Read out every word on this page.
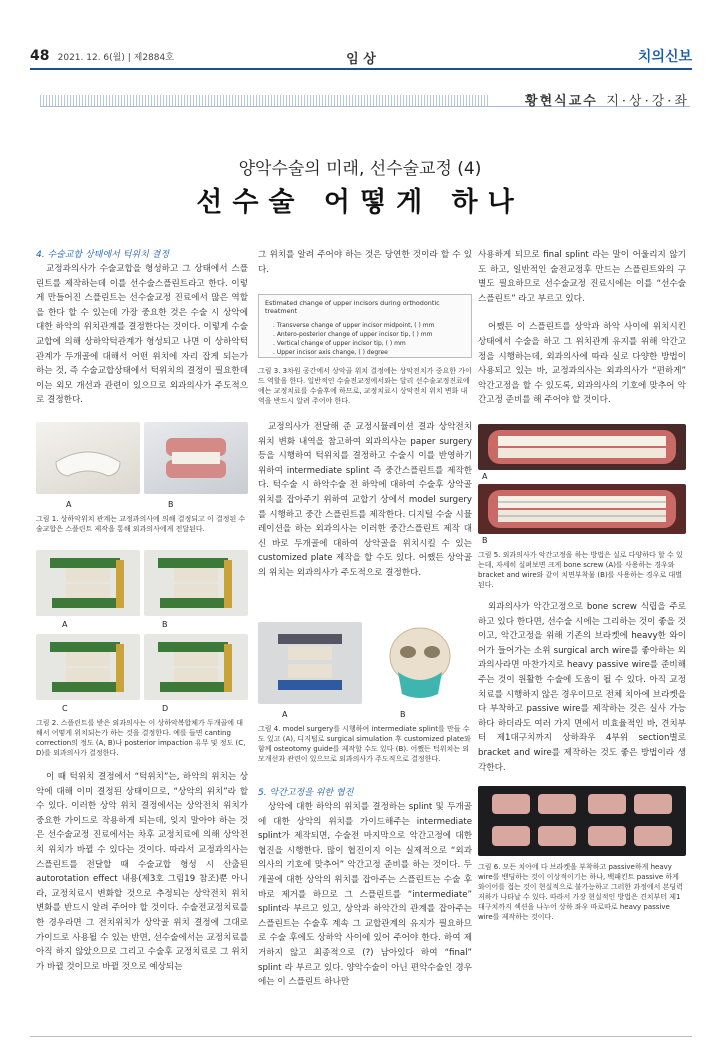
48 2021. 12. 6(월) | 제2884호	임 상	치의신보
황현식교수 지·상·강·좌
양악수술의 미래, 선수술교정 (4)
선수술 어떻게 하나
4. 수술교합 상태에서 턱위치 결정

교정과의사가 수술교합을 형성하고 그 상태에서 스플린트를 제작하는데 이를 선수술스플린트라고 한다. 이렇게 만들어진 스플린트는 선수술교정 진료에서 많은 역할을 한다 할 수 있는데 가장 중요한 것은 수술 시 상악에 대한 하악의 위치관계를 결정한다는 것이다. 이렇게 수술교합에 의해 상하악턱관계가 형성되고 나면 이 상하악턱관계가 두개골에 대해서 어떤 위치에 자리 잡게 되는가 하는 것, 즉 수술교합상태에서 턱위치의 결정이 필요한데 이는 외모 개선과 관련이 있으므로 외과의사가 주도적으로 결정한다.

A	B
그림 1. 상하악위치 관계는 교정과의사에 의해 결정되고 이 결정된 수술교합은 스플린트 제작을 통해 외과의사에게 전달된다.
A	B
C	D
그림 2. 스플린트를 받은 외과의사는 이 상하악복합체가 두개골에 대해서 어떻게 위치되는가 하는 것을 결정한다. 예를 들면 canting correction의 정도 (A, B)나 posterior impaction 유무 및 정도 (C, D)를 외과의사가 결정한다.

이 때 턱위치 결정에서 “턱위치”는, 하악의 위치는 상악에 대해 이미 결정된 상태이므로, “상악의 위치”라 할 수 있다. 이러한 상악 위치 결정에서는 상악전치 위치가 중요한 가이드로 작용하게 되는데, 잊지 말아야 하는 것은 선수술교정 진료에서는 차후 교정치료에 의해 상악전치 위치가 바뀔 수 있다는 것이다. 따라서 교정과의사는 스플린트를 전달할 때 수술교합 형성 시 산출된 autorotation effect 내용(제3호 그림19 참조)뿐 아니라, 교정치료시 변화할 것으로 추정되는 상악전치 위치 변화를 반드시 알려 주어야 할 것이다. 수술전교정치료를 한 경우라면 그 전치위치가 상악골 위치 결정에 그대로 가이드로 사용될 수 있는 반면, 선수술에서는 교정치료를 아직 하지 않았으므로 그리고 수술후 교정치료로 그 위치가 바뀔 것이므로 바뀔 것으로 예상되는

그 위치를 알려 주어야 하는 것은 당연한 것이라 할 수 있다.

Estimated change of upper incisors during orthodontic treatment
. Transverse change of upper incisor midpoint, ( ) mm
. Antero-posterior change of upper incisor tip, ( ) mm
. Vertical change of upper incisor tip, ( ) mm
. Upper incisor axis change, ( ) degree
그림 3. 3차원 공간에서 상악골 위치 결정에는 상악전치가 중요한 가이드 역할을 한다. 일반적인 수술전교정에서와는 달리 선수술교정진료에에는 교정치료를 수술후에 하므로, 교정치료시 상악전치 위치 변화 내역을 반드시 알려 주어야 한다.

교정의사가 전달해 준 교정시뮬레이션 결과 상악전치 위치 변화 내역을 참고하여 외과의사는 paper surgery 등을 시행하여 턱위치를 결정하고 수술시 이를 반영하기 위하여 intermediate splint 즉 중간스플린트를 제작한다. 턱수술 시 하악수술 전 하악에 대하여 수술후 상악골 위치를 잡아주기 위하여 교합기 상에서 model surgery를 시행하고 중간 스플린트를 제작한다. 디지털 수술 시뮬레이션을 하는 외과의사는 이러한 중간스플린트 제작 대신 바로 두개골에 대하여 상악골을 위치시킬 수 있는 customized plate 제작을 할 수도 있다. 어쨌든 상악골의 위치는 외과의사가 주도적으로 결정한다.

A	B
그림 4. model surgery를 시행하여 intermediate splint를 만들 수도 있고 (A), 디지털로 surgical simulation 후 customized plate와 함께 osteotomy guide를 제작할 수도 있다 (B). 어쨌든 턱위치는 외모개선과 관련이 있으므로 외과의사가 주도적으로 결정한다.
5. 악간고정을 위한 협진

상악에 대한 하악의 위치를 결정하는 splint 및 두개골에 대한 상악의 위치를 가이드해주는 intermediate splint가 제작되면, 수술전 마지막으로 악간고정에 대한 협진을 시행한다. 많이 협진이지 이는 실제적으로 “외과의사의 기호에 맞추어” 악간고정 준비를 하는 것이다. 두개골에 대한 상악의 위치를 잡아주는 스플린트는 수술 후 바로 제거를 하므로 그 스플린트를 “intermediate” splint라 부르고 있고, 상악과 하악간의 관계를 잡아주는 스플린트는 수술후 계속 그 교합관계의 유지가 필요하므로 수술 후에도 상하악 사이에 있어 주어야 한다. 하여 제거하지 않고 최종적으로 (?) 남아있다 하여 “final” splint 라 부르고 있다. 양악수술이 아닌 편악수술인 경우에는 이 스플린트 하나만

사용하게 되므로 final splint 라는 말이 어울리지 않기도 하고, 일반적인 술전교정후 만드는 스플린트와의 구별도 필요하므로 선수술교정 진료시에는 이를 “선수술스플린트” 라고 부르고 있다.

어쨌든 이 스플린트를 상악과 하악 사이에 위치시킨 상태에서 수술을 하고 그 위치관계 유지를 위해 악간고정을 시행하는데, 외과의사에 따라 실로 다양한 방법이 사용되고 있는 바, 교정과의사는 외과의사가 “편하게” 악간고정을 할 수 있도록, 외과의사의 기호에 맞추어 악간고정 준비를 해 주어야 할 것이다.

A
B
그림 5. 외과의사가 악간고정을 하는 방법은 실로 다양하다 할 수 있는데, 자세히 실펴보면 크게 bone screw (A)를 사용하는 경우와 bracket and wire와 같이 치면부착물 (B)를 사용하는 경우로 대별된다.

외과의사가 악간고정으로 bone screw 식립을 주로 하고 있다 한다면, 선수술 시에는 그리하는 것이 좋을 것이고, 악간고정을 위해 기존의 브라켓에 heavy한 와이어가 들어가는 소위 surgical arch wire를 좋아하는 외과의사라면 마찬가지로 heavy passive wire를 준비해 주는 것이 원활한 수술에 도움이 될 수 있다. 아직 교정치료를 시행하지 않은 경우이므로 전체 치아에 브라켓을 다 부착하고 passive wire를 제작하는 것은 실사 가능하다 하더라도 여러 가지 면에서 비효율적인 바, 견치부터 제1대구치까지 상하좌우 4부위 section별로 bracket and wire를 제작하는 것도 좋은 방법이라 생각한다.

그림 6. 모든 치아에 다 브라켓을 부착하고 passive하게 heavy wire를 밴딩하는 것이 이상적이기는 하나, 백패킨트 passive 하게 와이어를 접는 것이 현실적으로 불가능하고 그러한 과정에서 본딩력 저하가 나타날 수 있다. 따라서 가장 현실적인 방법은 견치부터 제1대구치까지 섹션을 나누어 상하 좌우 따로따로 heavy passive wire를 제작하는 것이다.
